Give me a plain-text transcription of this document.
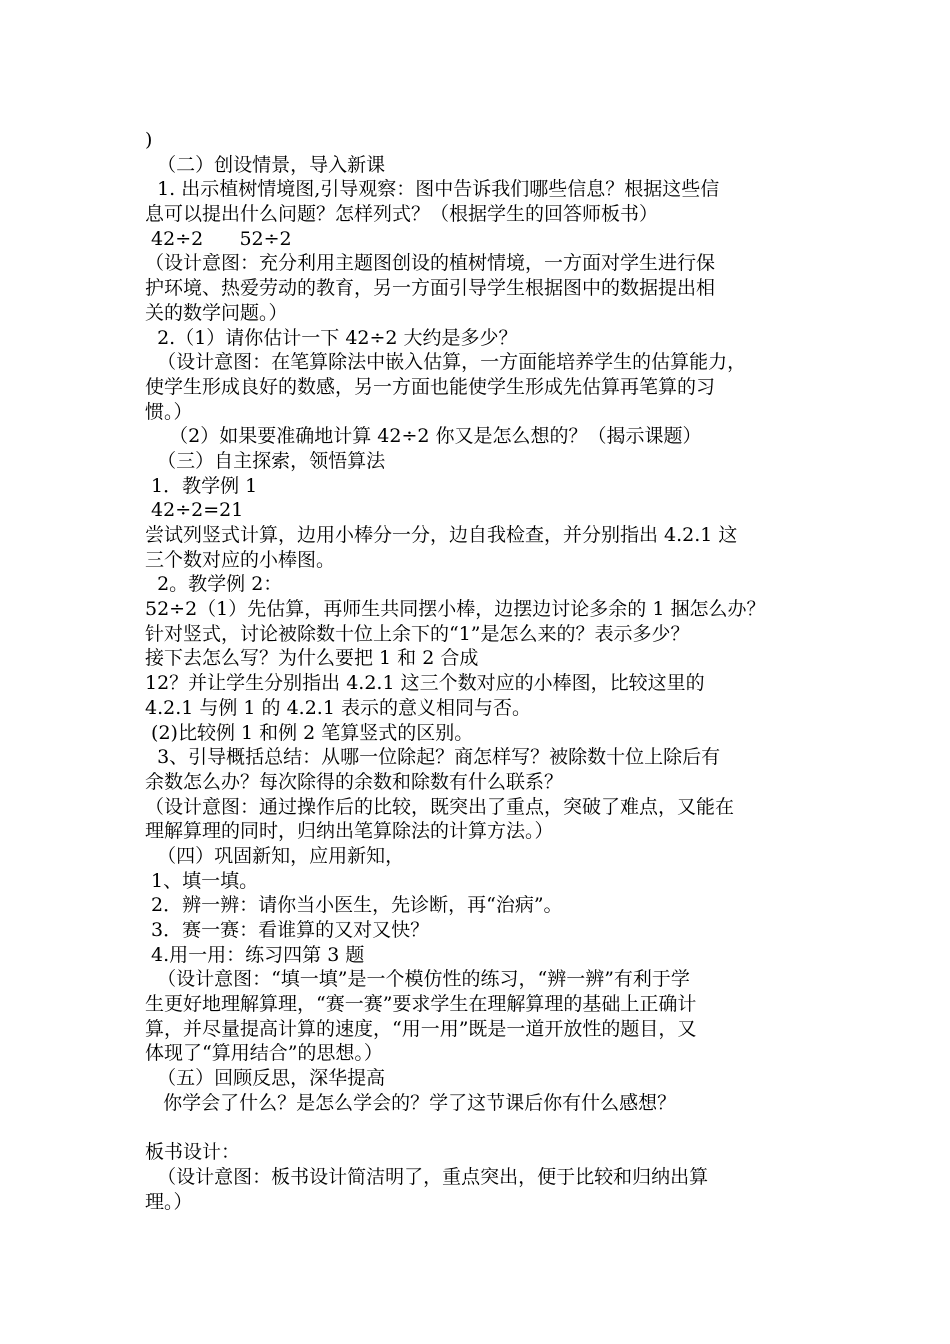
)
（二）创设情景，导入新课
1. 出示植树情境图,引导观察：图中告诉我们哪些信息？根据这些信
息可以提出什么问题？怎样列式？（根据学生的回答师板书）
42÷2      52÷2
（设计意图：充分利用主题图创设的植树情境，一方面对学生进行保
护环境、热爱劳动的教育，另一方面引导学生根据图中的数据提出相
关的数学问题。）
2.（1）请你估计一下 42÷2 大约是多少？
（设计意图：在笔算除法中嵌入估算，一方面能培养学生的估算能力，
使学生形成良好的数感，另一方面也能使学生形成先估算再笔算的习
惯。）
（2）如果要准确地计算 42÷2 你又是怎么想的？（揭示课题）
（三）自主探索，领悟算法
1．教学例 1
42÷2=21
尝试列竖式计算，边用小棒分一分，边自我检查，并分别指出 4.2.1 这
三个数对应的小棒图。
2。教学例 2：
52÷2（1）先估算，再师生共同摆小棒，边摆边讨论多余的 1 捆怎么办？
针对竖式，讨论被除数十位上余下的“1”是怎么来的？表示多少？
接下去怎么写？为什么要把 1 和 2 合成
12？并让学生分别指出 4.2.1 这三个数对应的小棒图，比较这里的
4.2.1 与例 1 的 4.2.1 表示的意义相同与否。
(2)比较例 1 和例 2 笔算竖式的区别。
3、引导概括总结：从哪一位除起？商怎样写？被除数十位上除后有
余数怎么办？每次除得的余数和除数有什么联系？
（设计意图：通过操作后的比较，既突出了重点，突破了难点，又能在
理解算理的同时，归纳出笔算除法的计算方法。）
（四）巩固新知，应用新知，
1、填一填。
2．辨一辨：请你当小医生，先诊断，再“治病”。
3．赛一赛：看谁算的又对又快？
4.用一用：练习四第 3 题
（设计意图：“填一填”是一个模仿性的练习，“辨一辨”有利于学
生更好地理解算理，“赛一赛”要求学生在理解算理的基础上正确计
算，并尽量提高计算的速度，“用一用”既是一道开放性的题目，又
体现了“算用结合”的思想。）
（五）回顾反思，深华提高
你学会了什么？是怎么学会的？学了这节课后你有什么感想？
板书设计：
（设计意图：板书设计简洁明了，重点突出，便于比较和归纳出算
理。）
